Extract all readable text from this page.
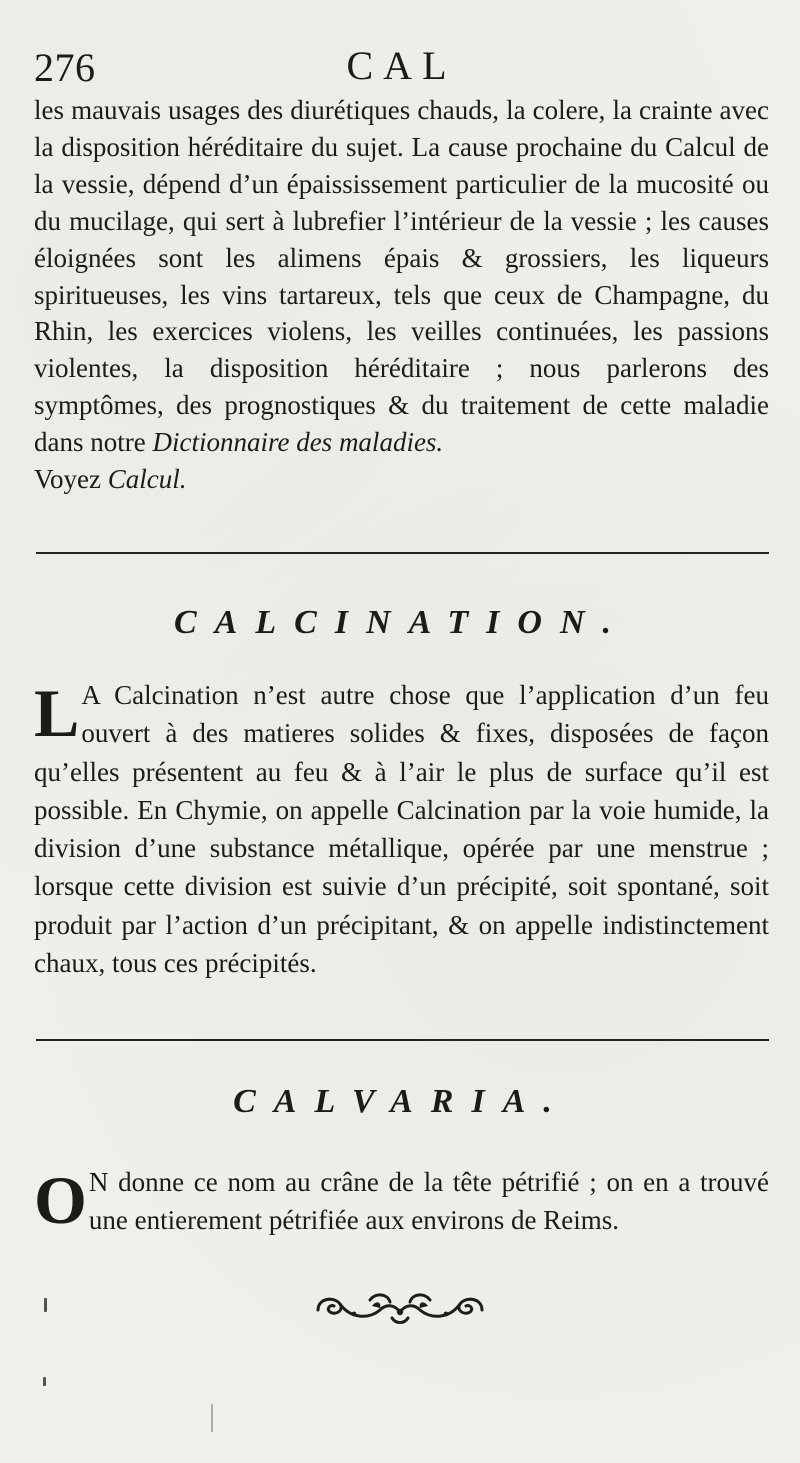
276	CAL

les mauvais usages des diurétiques chauds, la colere, la crainte avec la disposition héréditaire du sujet. La cause prochaine du Calcul de la vessie, dépend d’un épaississement particulier de la mucosité ou du mucilage, qui sert à lubrefier l’intérieur de la vessie ; les causes éloignées sont les alimens épais & grossiers, les liqueurs spiritueuses, les vins tartareux, tels que ceux de Champagne, du Rhin, les exercices violens, les veilles continuées, les passions violentes, la disposition héréditaire ; nous parlerons des symptômes, des prognostiques & du traitement de cette maladie dans notre Dictionnaire des maladies.

Voyez Calcul.

CALCINATION.
L A Calcination n’est autre chose que l’application d’un feu ouvert à des matieres solides & fixes, disposées de façon qu’elles présentent au feu & à l’air le plus de surface qu’il est possible. En Chymie, on appelle Calcination par la voie humide, la division d’une substance métallique, opérée par une menstrue ; lorsque cette division est suivie d’un précipité, soit spontané, soit produit par l’action d’un précipitant, & on appelle indistinctement chaux, tous ces précipités.
CALVARIA.
O N donne ce nom au crâne de la tête pétrifié ; on en a trouvé une entierement pétrifiée aux environs de Reims.
